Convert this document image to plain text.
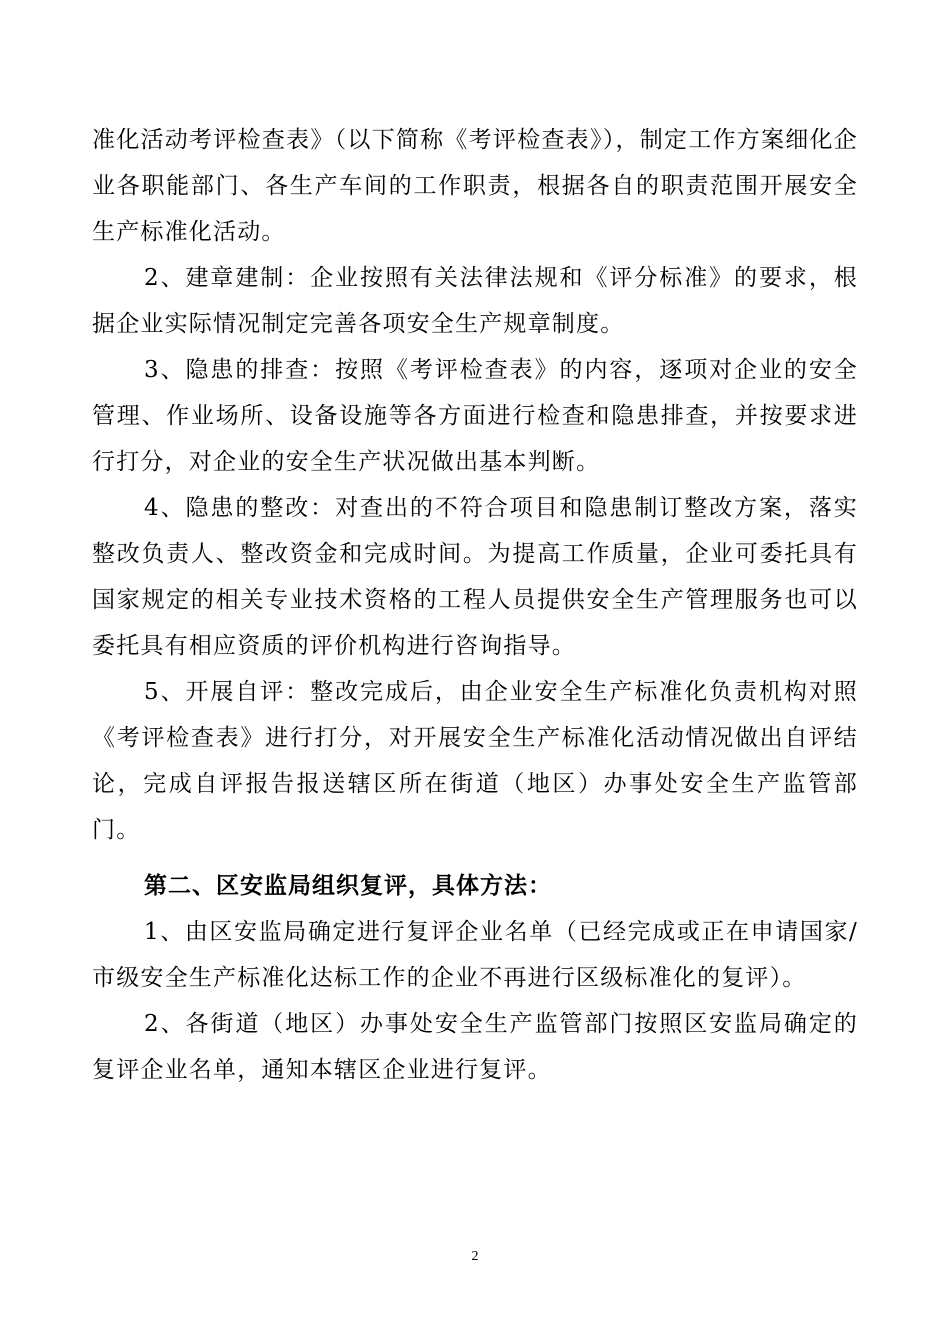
准化活动考评检查表》（以下简称《考评检查表》），制定工作方案细化企业各职能部门、各生产车间的工作职责，根据各自的职责范围开展安全生产标准化活动。

2、建章建制：企业按照有关法律法规和《评分标准》的要求，根据企业实际情况制定完善各项安全生产规章制度。

3、隐患的排查：按照《考评检查表》的内容，逐项对企业的安全管理、作业场所、设备设施等各方面进行检查和隐患排查，并按要求进行打分，对企业的安全生产状况做出基本判断。

4、隐患的整改：对查出的不符合项目和隐患制订整改方案，落实整改负责人、整改资金和完成时间。为提高工作质量，企业可委托具有国家规定的相关专业技术资格的工程人员提供安全生产管理服务也可以委托具有相应资质的评价机构进行咨询指导。

5、开展自评：整改完成后，由企业安全生产标准化负责机构对照《考评检查表》进行打分，对开展安全生产标准化活动情况做出自评结论，完成自评报告报送辖区所在街道（地区）办事处安全生产监管部门。

第二、区安监局组织复评，具体方法：

1、由区安监局确定进行复评企业名单（已经完成或正在申请国家/市级安全生产标准化达标工作的企业不再进行区级标准化的复评）。

2、各街道（地区）办事处安全生产监管部门按照区安监局确定的复评企业名单，通知本辖区企业进行复评。

2
